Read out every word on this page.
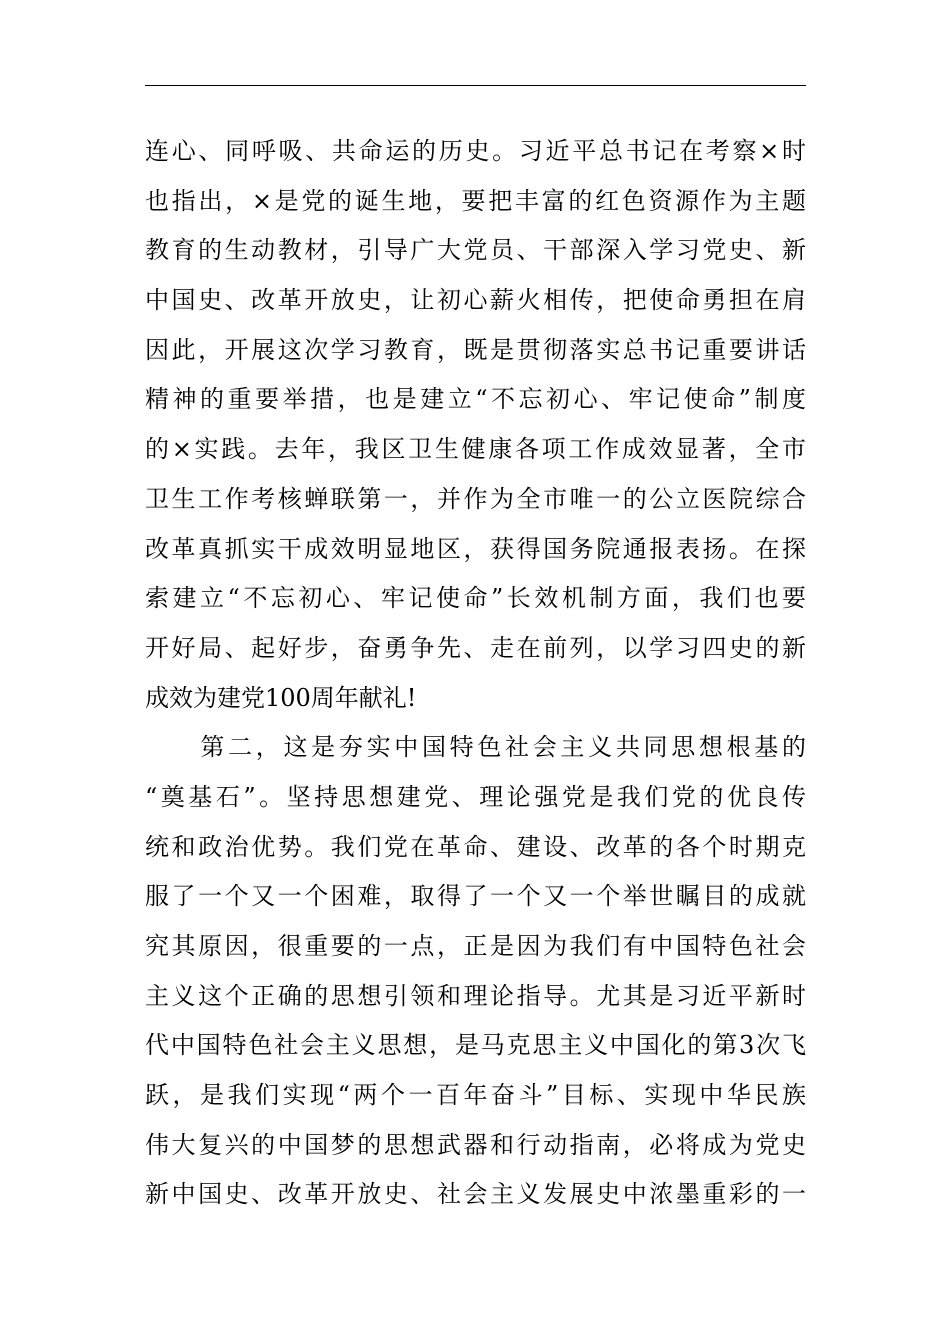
连心、同呼吸、共命运的历史。习近平总书记在考察×时
也指出，×是党的诞生地，要把丰富的红色资源作为主题
教育的生动教材，引导广大党员、干部深入学习党史、新
中国史、改革开放史，让初心薪火相传，把使命勇担在肩
因此，开展这次学习教育，既是贯彻落实总书记重要讲话
精神的重要举措，也是建立“不忘初心、牢记使命”制度
的×实践。去年，我区卫生健康各项工作成效显著，全市
卫生工作考核蝉联第一，并作为全市唯一的公立医院综合
改革真抓实干成效明显地区，获得国务院通报表扬。在探
索建立“不忘初心、牢记使命”长效机制方面，我们也要
开好局、起好步，奋勇争先、走在前列，以学习四史的新
成效为建党100周年献礼!
　　第二，这是夯实中国特色社会主义共同思想根基的
“奠基石”。坚持思想建党、理论强党是我们党的优良传
统和政治优势。我们党在革命、建设、改革的各个时期克
服了一个又一个困难，取得了一个又一个举世瞩目的成就
究其原因，很重要的一点，正是因为我们有中国特色社会
主义这个正确的思想引领和理论指导。尤其是习近平新时
代中国特色社会主义思想，是马克思主义中国化的第3次飞
跃，是我们实现“两个一百年奋斗”目标、实现中华民族
伟大复兴的中国梦的思想武器和行动指南，必将成为党史
新中国史、改革开放史、社会主义发展史中浓墨重彩的一
